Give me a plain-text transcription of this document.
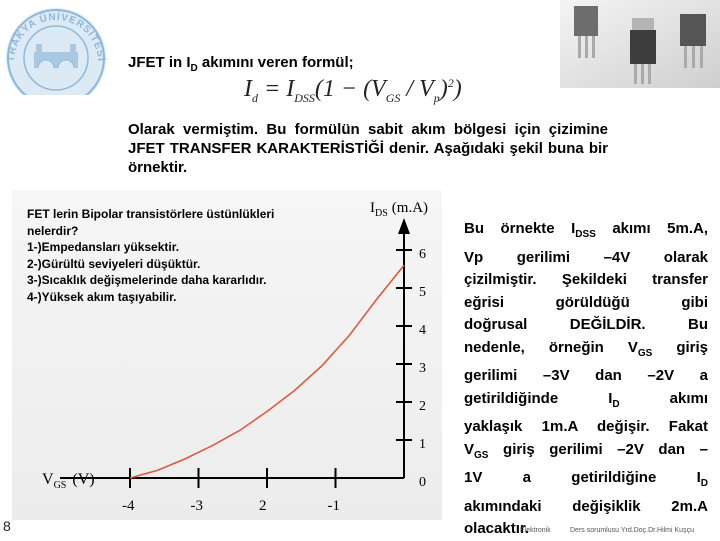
TRAKYA ÜNİVERSİTESİ JFET in $I_D$ akımını veren formül;
$I_d = I_{DSS}(1 - (V_{GS} / V_p)^2)$
Olarak vermiştim. Bu formülün sabit akım bölgesi için çizimine JFET TRANSFER KARAKTERİSTİĞİ denir. Aşağıdaki şekil buna bir örnektir.
FET lerin Bipolar transistörlere üstünlükleri
nelerdir?
1-)Empedansları yüksektir.
2-)Gürültü seviyeleri düşüktür.
3-)Sıcaklık değişmelerinde daha kararlıdır.
4-)Yüksek akım taşıyabilir.
$I_{DS}$ (m.A)
$V_{GS}$ (V)	0
1
2
3
4
5
6
-4	-3	2	-1
Bu örnekte $I_{DSS}$ akımı 5m.A,
Vp gerilimi –4V olarak
çizilmiştir. Şekildeki transfer
eğrisi görüldüğü gibi
doğrusal DEĞİLDİR. Bu
nedenle, örneğin $V_{GS}$ giriş
gerilimi –3V dan –2V a
getirildiğinde $I_D$ akımı
yaklaşık 1m.A değişir. Fakat
$V_{GS}$ giriş gerilimi –2V dan –
1V a getirildiğine $I_D$
akımındaki değişiklik 2m.A
olacaktır.
8	Elektronik	Ders sorumlusu Yrd.Doç.Dr.Hilmi Kuşçu
